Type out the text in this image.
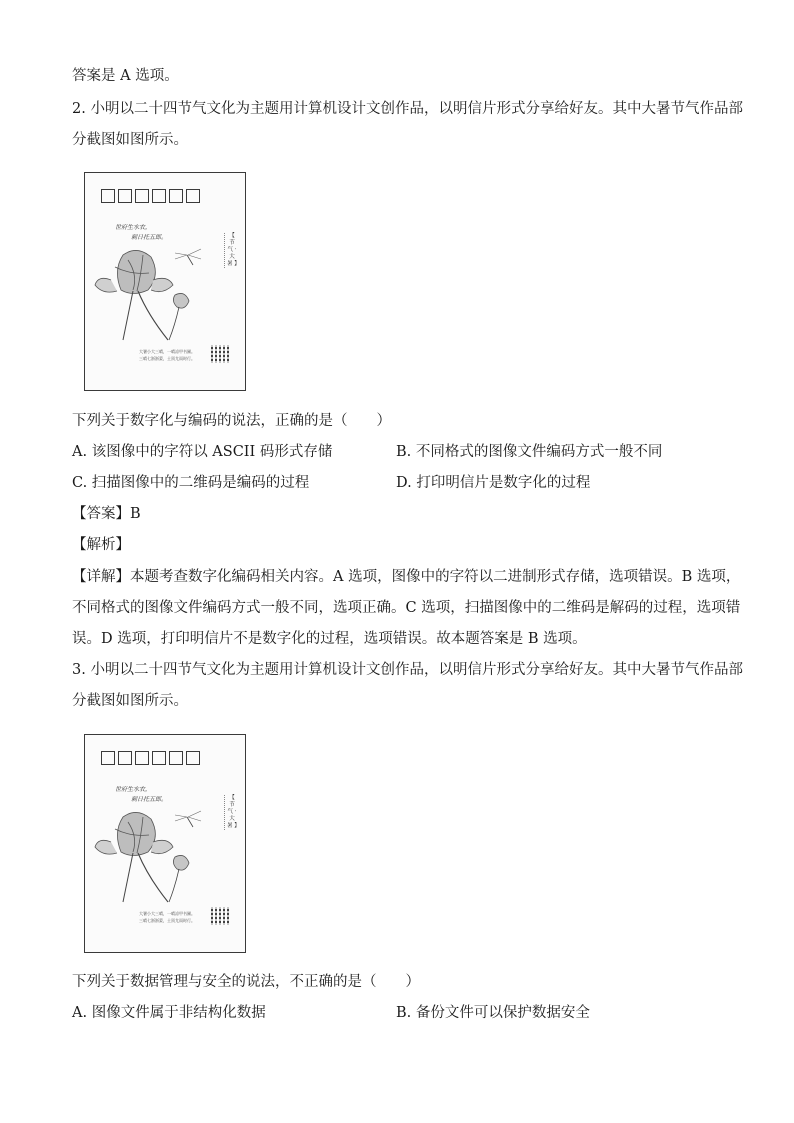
答案是 A 选项。
2. 小明以二十四节气文化为主题用计算机设计文创作品，以明信片形式分享给好友。其中大暑节气作品部
分截图如图所示。
世府生水农，
刺日托五郎。	【 节 气 · 大 暑 】
大暑小大三晴，一晴凉甲书圃。
三晴七浙浙蒙，土顶尤雨时行。
下列关于数字化与编码的说法，正确的是（　　）
A. 该图像中的字符以 ASCII 码形式存储	B. 不同格式的图像文件编码方式一般不同
C. 扫描图像中的二维码是编码的过程	D. 打印明信片是数字化的过程
【答案】B
【解析】
【详解】本题考查数字化编码相关内容。A 选项，图像中的字符以二进制形式存储，选项错误。B 选项，
不同格式的图像文件编码方式一般不同，选项正确。C 选项，扫描图像中的二维码是解码的过程，选项错
误。D 选项，打印明信片不是数字化的过程，选项错误。故本题答案是 B 选项。
3. 小明以二十四节气文化为主题用计算机设计文创作品，以明信片形式分享给好友。其中大暑节气作品部
分截图如图所示。
世府生水农，
刺日托五郎。	【 节 气 · 大 暑 】
大暑小大三晴，一晴凉甲书圃。
三晴七浙浙蒙，土顶尤雨时行。
下列关于数据管理与安全的说法，不正确的是（　　）
A. 图像文件属于非结构化数据	B. 备份文件可以保护数据安全
